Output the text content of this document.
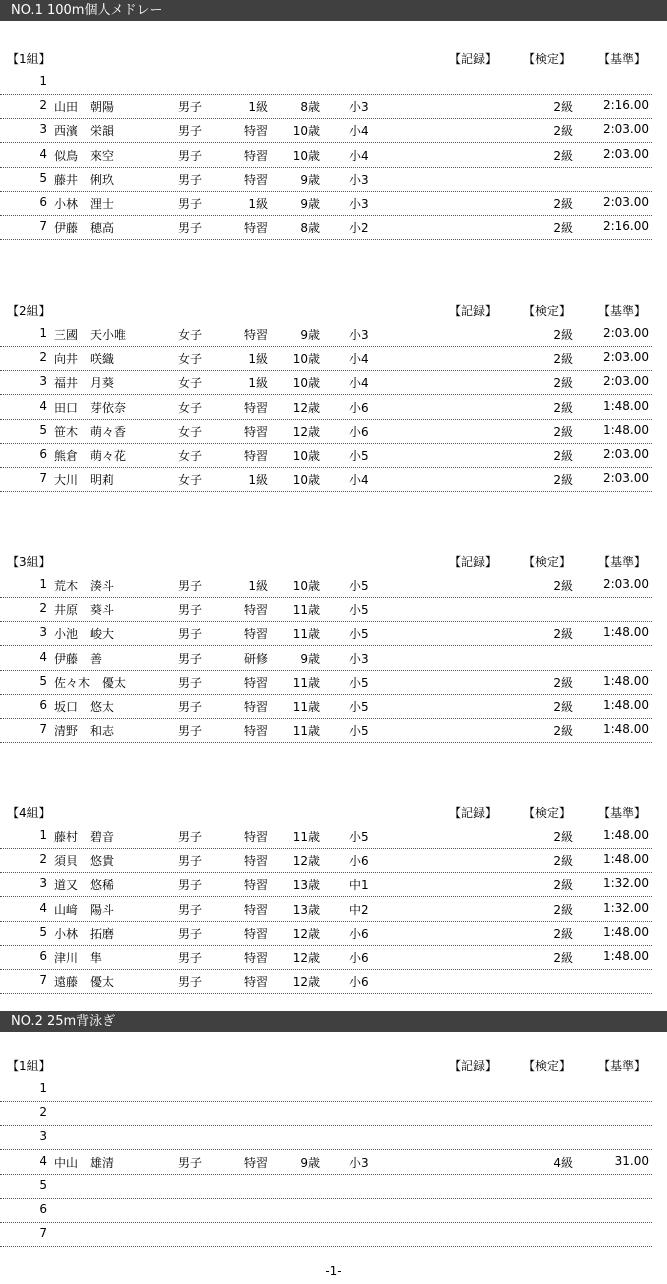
NO.1 100m個人メドレー
【1組】	【記録】 【検定】 【基準】
1
2 山田　朝陽	男子	1級	8歳 小3	2級	2:16.00
3 西濱　栄韻	男子	特習	10歳 小4	2級	2:03.00
4 似鳥　來空	男子	特習	10歳 小4	2級	2:03.00
5 藤井　俐玖	男子	特習	9歳 小3
6 小林　浬士	男子	1級	9歳 小3	2級	2:03.00
7 伊藤　穂高	男子	特習	8歳 小2	2級	2:16.00
【2組】	【記録】 【検定】 【基準】
1 三國　天小唯	女子	特習	9歳 小3	2級	2:03.00
2 向井　咲織	女子	1級	10歳 小4	2級	2:03.00
3 福井　月葵	女子	1級	10歳 小4	2級	2:03.00
4 田口　芽依奈	女子	特習	12歳 小6	2級	1:48.00
5 笹木　萌々香	女子	特習	12歳 小6	2級	1:48.00
6 熊倉　萌々花	女子	特習	10歳 小5	2級	2:03.00
7 大川　明莉	女子	1級	10歳 小4	2級	2:03.00
【3組】	【記録】 【検定】 【基準】
1 荒木　湊斗	男子	1級	10歳 小5	2級	2:03.00
2 井原　葵斗	男子	特習	11歳 小5
3 小池　峻大	男子	特習	11歳 小5	2級	1:48.00
4 伊藤　善	男子	研修	9歳 小3
5 佐々木　優太	男子	特習	11歳 小5	2級	1:48.00
6 坂口　悠太	男子	特習	11歳 小5	2級	1:48.00
7 清野　和志	男子	特習	11歳 小5	2級	1:48.00
【4組】	【記録】 【検定】 【基準】
1 藤村　碧音	男子	特習	11歳 小5	2級	1:48.00
2 須貝　悠貴	男子	特習	12歳 小6	2級	1:48.00
3 道又　悠稀	男子	特習	13歳 中1	2級	1:32.00
4 山﨑　陽斗	男子	特習	13歳 中2	2級	1:32.00
5 小林　拓磨	男子	特習	12歳 小6	2級	1:48.00
6 津川　隼	男子	特習	12歳 小6	2級	1:48.00
7 遠藤　優太	男子	特習	12歳 小6
NO.2 25m背泳ぎ
【1組】	【記録】 【検定】 【基準】
1
2
3
4 中山　雄清	男子	特習	9歳 小3	4級	31.00
5
6
7
-1-
